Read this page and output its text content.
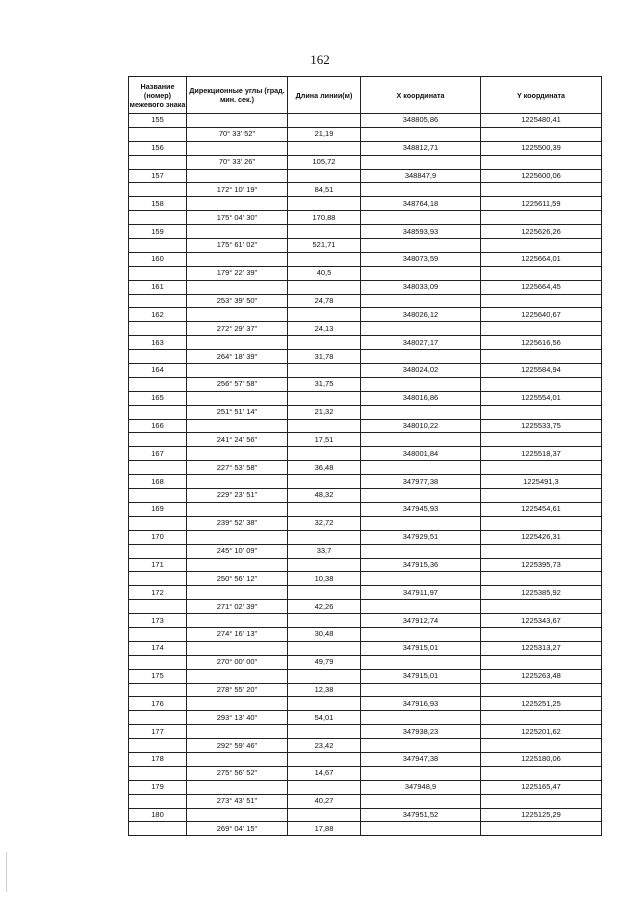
162
Название (номер) межевого знака	Дирекционные углы (град. мин. сек.)	Длина линии(м)	X координата	Y координата
155			348805,86	1225480,41
	70° 33' 52"	21,19		
156			348812,71	1225500,39
	70° 33' 26"	105,72		
157			348847,9	1225600,06
	172° 10' 19"	84,51		
158			348764,18	1225611,59
	175° 04' 30"	170,88		
159			348593,93	1225626,26
	175° 61' 02"	521,71		
160			348073,59	1225664,01
	179° 22' 39"	40,5		
161			348033,09	1225664,45
	253° 39' 50"	24,78		
162			348026,12	1225640,67
	272° 29' 37"	24,13		
163			348027,17	1225616,56
	264° 18' 39"	31,78		
164			348024,02	1225584,94
	256° 57' 58"	31,75		
165			348016,86	1225554,01
	251° 51' 14"	21,32		
166			348010,22	1225533,75
	241° 24' 56"	17,51		
167			348001,84	1225518,37
	227° 53' 58"	36,48		
168			347977,38	1225491,3
	229° 23' 51"	48,32		
169			347945,93	1225454,61
	239° 52' 38"	32,72		
170			347929,51	1225426,31
	245° 10' 09"	33,7		
171			347915,36	1225395,73
	250° 56' 12"	10,38		
172			347911,97	1225385,92
	271° 02' 39"	42,26		
173			347912,74	1225343,67
	274° 16' 13"	30,48		
174			347915,01	1225313,27
	270° 00' 00"	49,79		
175			347915,01	1225263,48
	278° 55' 20"	12,38		
176			347916,93	1225251,25
	293° 13' 40"	54,01		
177			347938,23	1225201,62
	292° 59' 46"	23,42		
178			347947,38	1225180,06
	275° 56' 52"	14,67		
179			347948,9	1225165,47
	273° 43' 51"	40,27		
180			347951,52	1225125,29
	269° 04' 15"	17,88		
